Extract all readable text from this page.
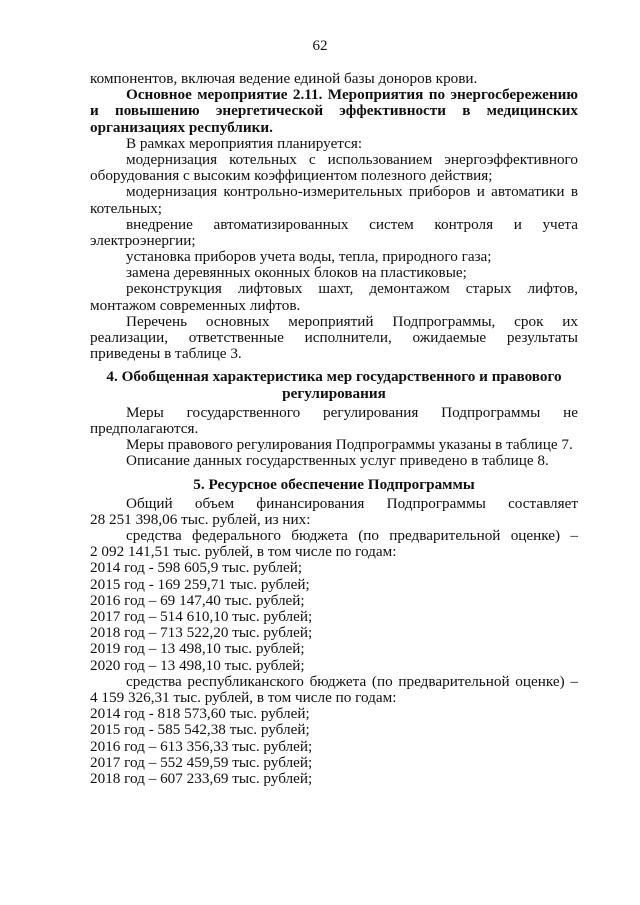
62
компонентов, включая ведение единой базы доноров крови.
Основное мероприятие 2.11. Мероприятия по энергосбережению
и повышению энергетической эффективности в медицинских
организациях республики.
В рамках мероприятия планируется:
модернизация котельных с использованием энергоэффективного
оборудования с высоким коэффициентом полезного действия;
модернизация контрольно-измерительных приборов и автоматики в
котельных;
внедрение автоматизированных систем контроля и учета
электроэнергии;
установка приборов учета воды, тепла, природного газа;
замена деревянных оконных блоков на пластиковые;
реконструкция лифтовых шахт, демонтажом старых лифтов,
монтажом современных лифтов.
Перечень основных мероприятий Подпрограммы, срок их
реализации, ответственные исполнители, ожидаемые результаты
приведены в таблице 3.
4. Обобщенная характеристика мер государственного и правового
регулирования
Меры государственного регулирования Подпрограммы не
предполагаются.
Меры правового регулирования Подпрограммы указаны в таблице 7.
Описание данных государственных услуг приведено в таблице 8.
5. Ресурсное обеспечение Подпрограммы
Общий объем финансирования Подпрограммы составляет
28 251 398,06 тыс. рублей, из них:
средства федерального бюджета (по предварительной оценке) –
2 092 141,51 тыс. рублей, в том числе по годам:
2014 год - 598 605,9 тыс. рублей;
2015 год - 169 259,71 тыс. рублей;
2016 год – 69 147,40 тыс. рублей;
2017 год – 514 610,10 тыс. рублей;
2018 год – 713 522,20 тыс. рублей;
2019 год – 13 498,10 тыс. рублей;
2020 год – 13 498,10 тыс. рублей;
средства республиканского бюджета (по предварительной оценке) –
4 159 326,31 тыс. рублей, в том числе по годам:
2014 год - 818 573,60 тыс. рублей;
2015 год - 585 542,38 тыс. рублей;
2016 год – 613 356,33 тыс. рублей;
2017 год – 552 459,59 тыс. рублей;
2018 год – 607 233,69 тыс. рублей;
